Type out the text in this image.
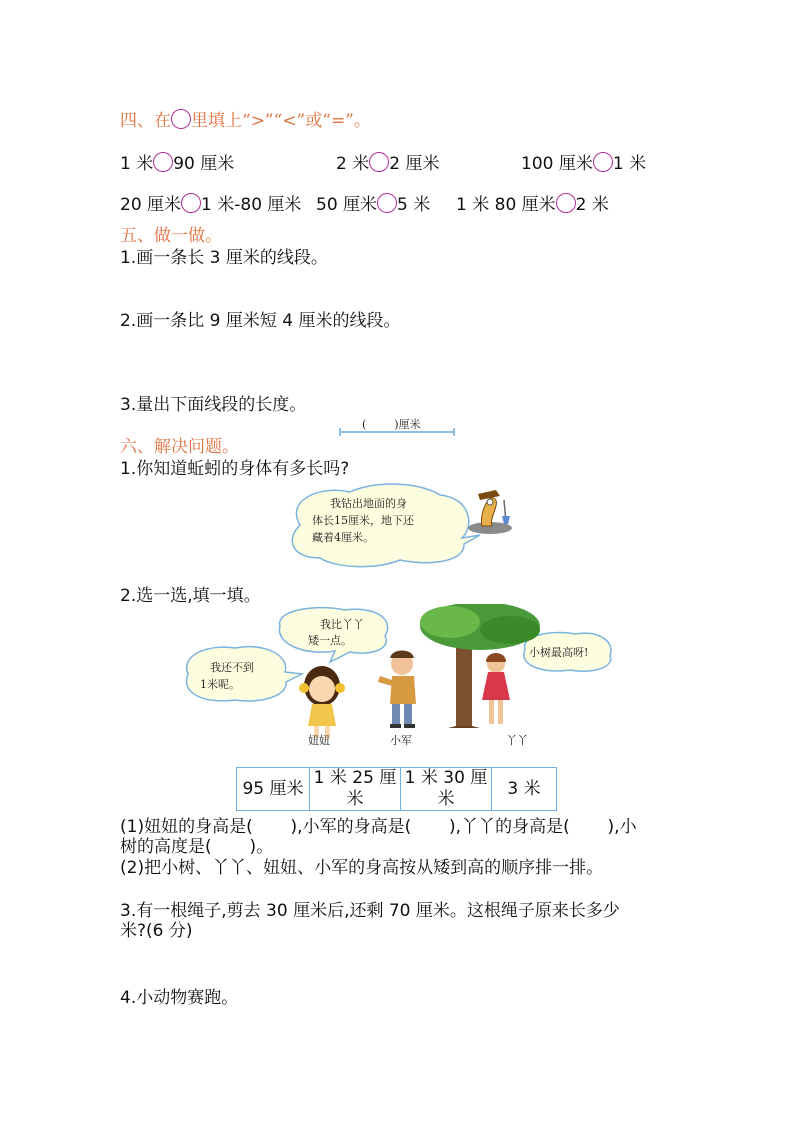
四、在 里填上“>”“<”或“=”。
1 米 90 厘米	2 米 2 厘米	100 厘米 1 米
20 厘米 1 米-80 厘米 50 厘米 5 米 1 米 80 厘米 2 米
五、做一做。
1.画一条长 3 厘米的线段。
2.画一条比 9 厘米短 4 厘米的线段。
3.量出下面线段的长度。
(	)厘米
六、解决问题。
1.你知道蚯蚓的身体有多长吗?
我钻出地面的身
体长15厘米，地下还
藏着4厘米。
2.选一选,填一填。
我比丫丫
矮一点。
我还不到
1米呢。
小树最高呀!
妞妞	小军	丫丫
95 厘米	1 米 25 厘米	1 米 30 厘米	3 米
(1)妞妞的身高是(       ),小军的身高是(       ),丫丫的身高是(       ),小
树的高度是(       )。
(2)把小树、丫丫、妞妞、小军的身高按从矮到高的顺序排一排。
3.有一根绳子,剪去 30 厘米后,还剩 70 厘米。这根绳子原来长多少
米?(6 分)
4.小动物赛跑。
